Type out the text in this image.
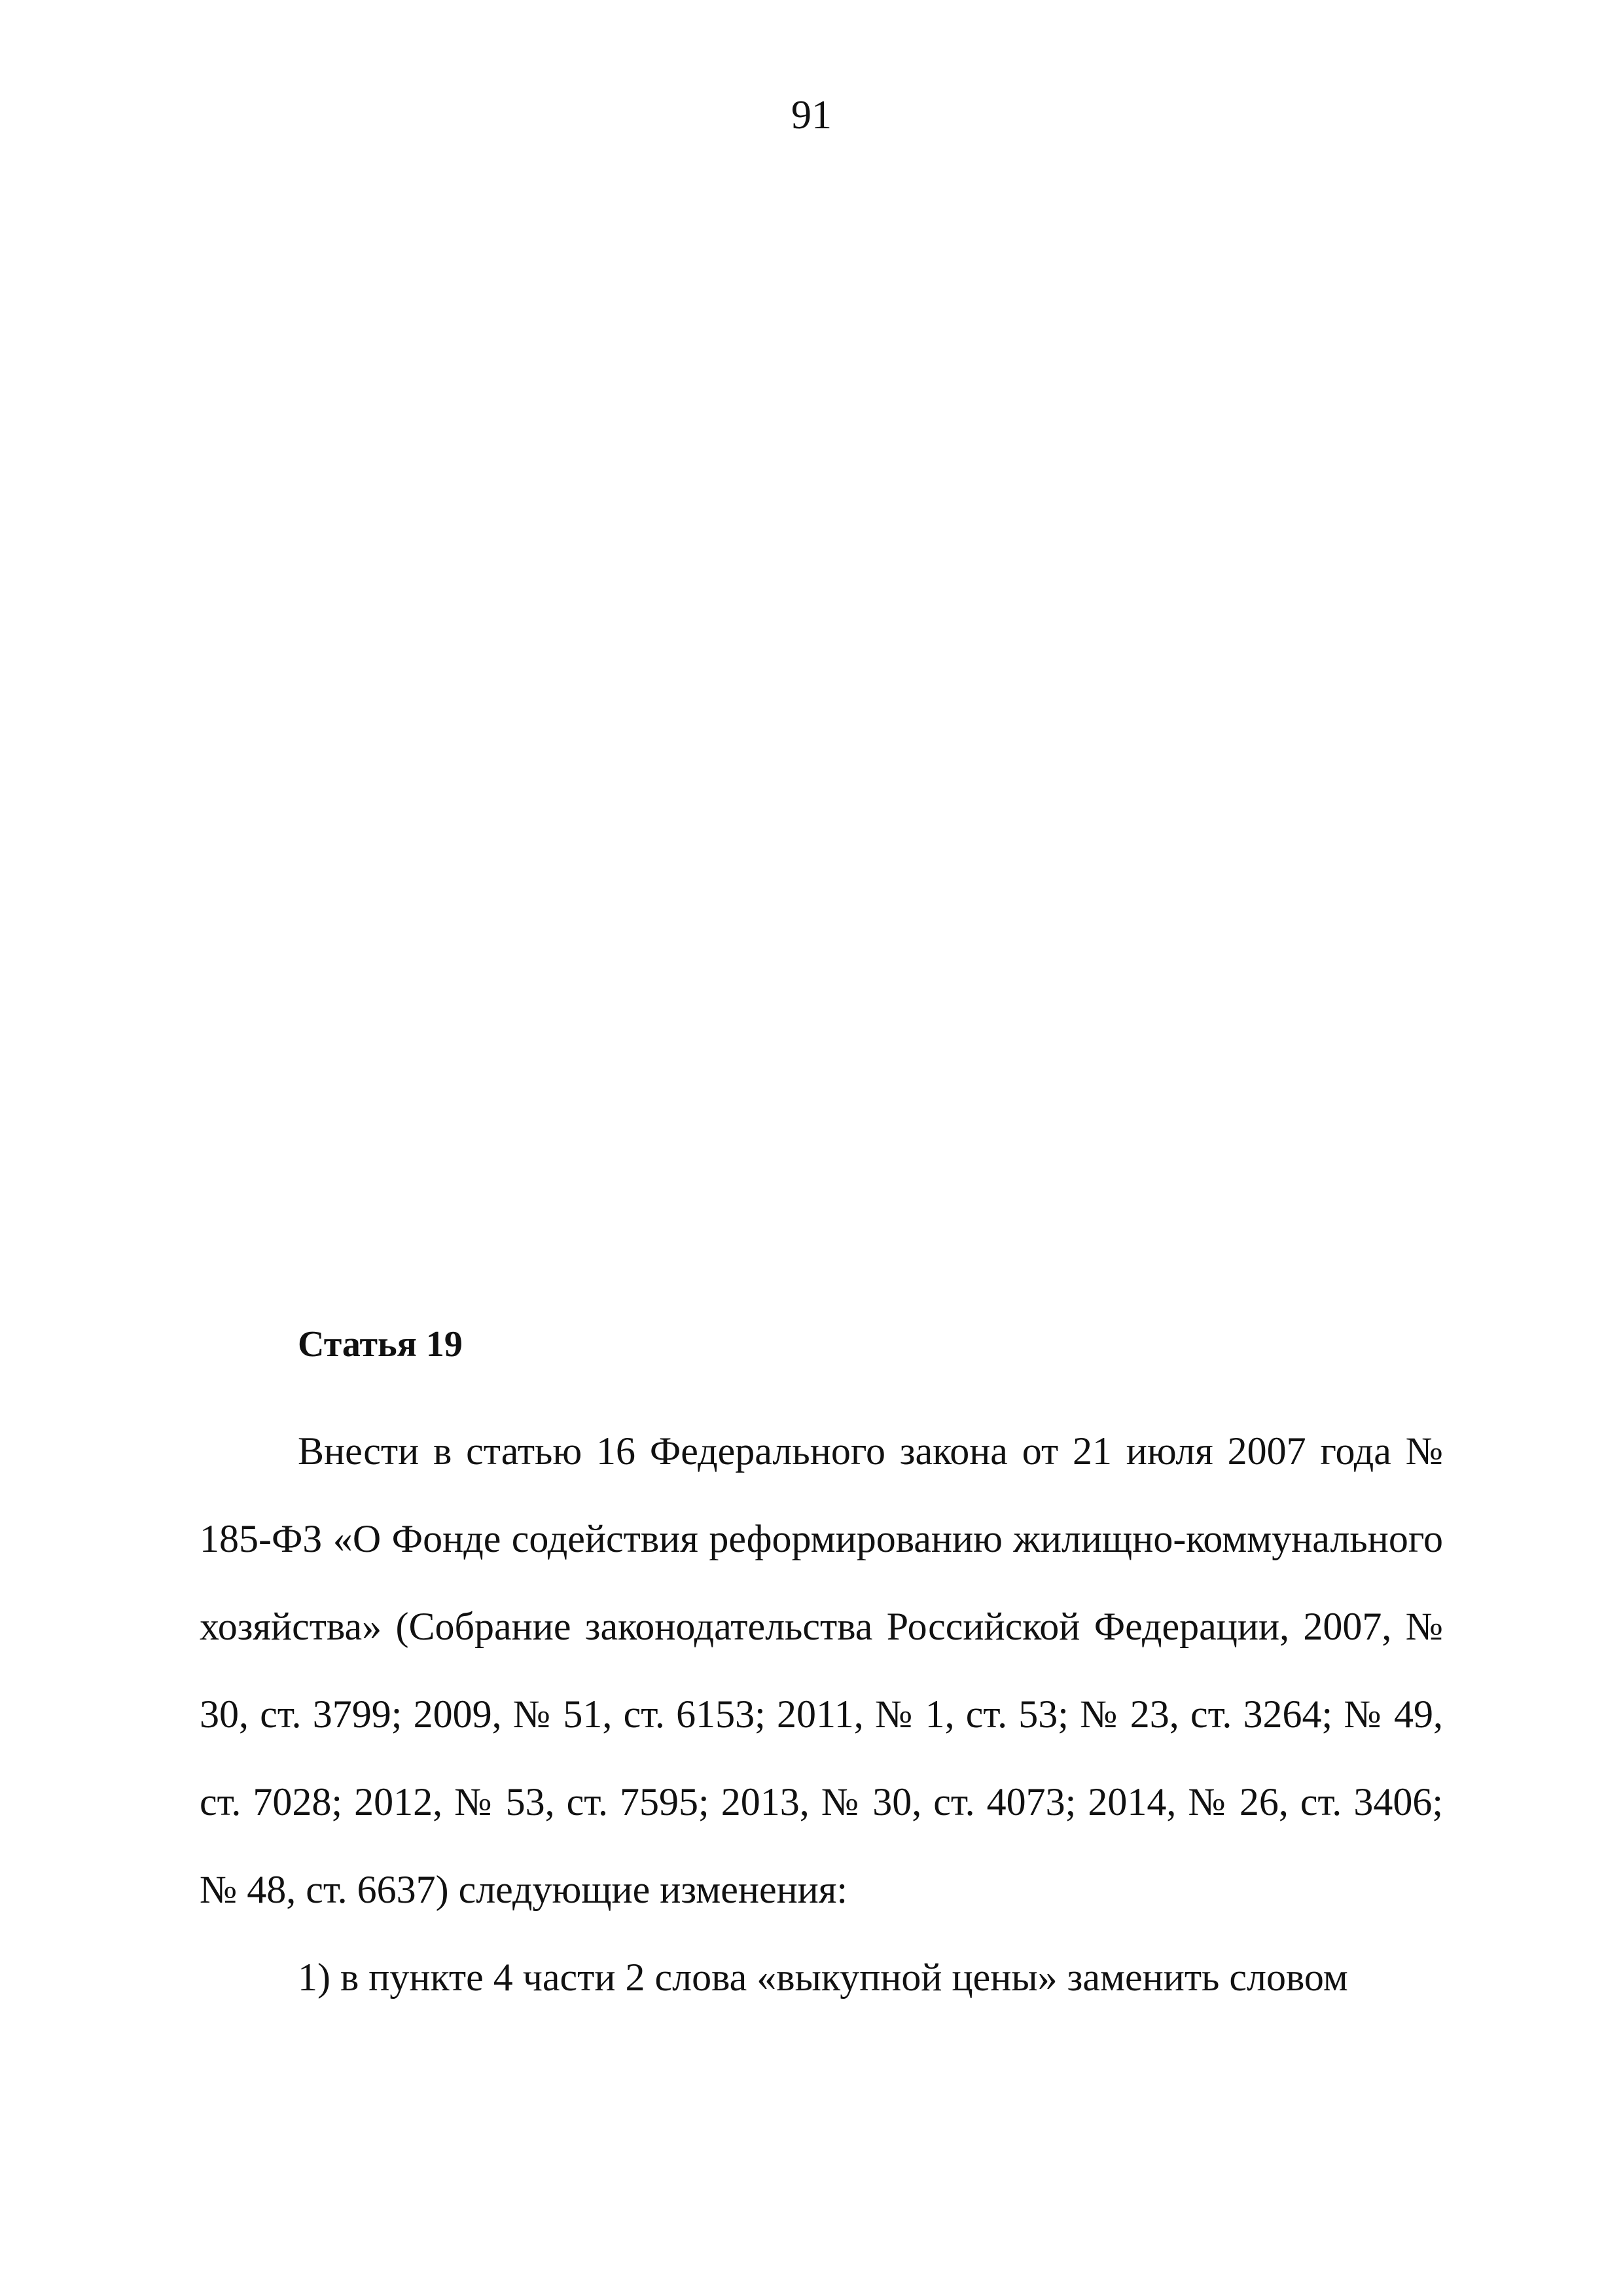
91
Статья 19

Внести в статью 16 Федерального закона от 21 июля 2007 года № 185-ФЗ «О Фонде содействия реформированию жилищно-коммунального хозяйства» (Собрание законодательства Российской Федерации, 2007, № 30, ст. 3799; 2009, № 51, ст. 6153; 2011, № 1, ст. 53; № 23, ст. 3264; № 49, ст. 7028; 2012, № 53, ст. 7595; 2013, № 30, ст. 4073; 2014, № 26, ст. 3406; № 48, ст. 6637) следующие изменения:

1) в пункте 4 части 2 слова «выкупной цены» заменить словом
